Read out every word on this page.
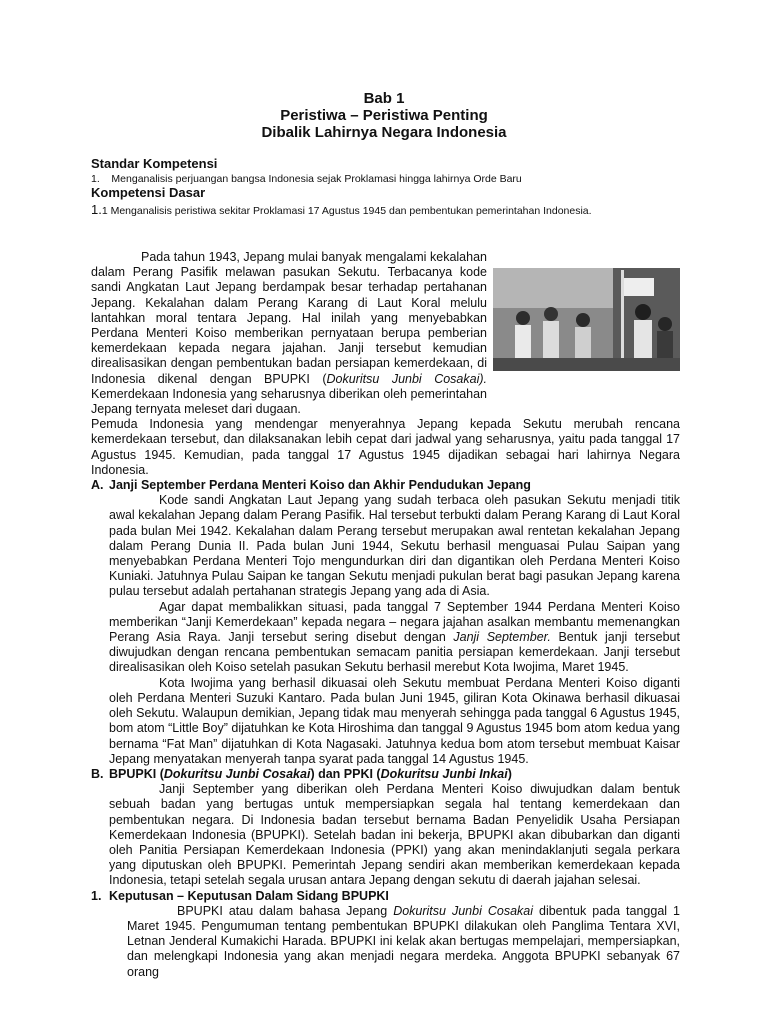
Bab 1
Peristiwa – Peristiwa Penting
Dibalik Lahirnya Negara Indonesia
Standar Kompetensi
1.    Menganalisis perjuangan bangsa Indonesia sejak Proklamasi hingga lahirnya Orde Baru
Kompetensi Dasar
1.1 Menganalisis peristiwa sekitar Proklamasi 17 Agustus 1945 dan pembentukan pemerintahan Indonesia.

Pada tahun 1943, Jepang mulai banyak mengalami kekalahan dalam Perang Pasifik melawan pasukan Sekutu. Terbacanya kode sandi Angkatan Laut Jepang berdampak besar terhadap pertahanan Jepang. Kekalahan dalam Perang Karang di Laut Koral melulu lantahkan moral tentara Jepang. Hal inilah yang menyebabkan Perdana Menteri Koiso memberikan pernyataan berupa pemberian kemerdekaan kepada negara jajahan. Janji tersebut kemudian direalisasikan dengan pembentukan badan persiapan kemerdekaan, di Indonesia dikenal dengan BPUPKI (Dokuritsu Junbi Cosakai). Kemerdekaan Indonesia yang seharusnya diberikan oleh pemerintahan Jepang ternyata meleset dari dugaan.

Pemuda Indonesia yang mendengar menyerahnya Jepang kepada Sekutu merubah rencana kemerdekaan tersebut, dan dilaksanakan lebih cepat dari jadwal yang seharusnya, yaitu pada tanggal 17 Agustus 1945. Kemudian, pada tanggal 17 Agustus 1945 dijadikan sebagai hari lahirnya Negara Indonesia.

A. Janji September Perdana Menteri Koiso dan Akhir Pendudukan Jepang

Kode sandi Angkatan Laut Jepang yang sudah terbaca oleh pasukan Sekutu menjadi titik awal kekalahan Jepang dalam Perang Pasifik. Hal tersebut terbukti dalam Perang Karang di Laut Koral pada bulan Mei 1942. Kekalahan dalam Perang tersebut merupakan awal rentetan kekalahan Jepang dalam Perang Dunia II. Pada bulan Juni 1944, Sekutu berhasil menguasai Pulau Saipan yang menyebabkan Perdana Menteri Tojo mengundurkan diri dan digantikan oleh Perdana Menteri Koiso Kuniaki. Jatuhnya Pulau Saipan ke tangan Sekutu menjadi pukulan berat bagi pasukan Jepang karena pulau tersebut adalah pertahanan strategis Jepang yang ada di Asia.

Agar dapat membalikkan situasi, pada tanggal 7 September 1944 Perdana Menteri Koiso memberikan “Janji Kemerdekaan” kepada negara – negara jajahan asalkan membantu memenangkan Perang Asia Raya. Janji tersebut sering disebut dengan Janji September. Bentuk janji tersebut diwujudkan dengan rencana pembentukan semacam panitia persiapan kemerdekaan. Janji tersebut direalisasikan oleh Koiso setelah pasukan Sekutu berhasil merebut Kota Iwojima, Maret 1945.

Kota Iwojima yang berhasil dikuasai oleh Sekutu membuat Perdana Menteri Koiso diganti oleh Perdana Menteri Suzuki Kantaro. Pada bulan Juni 1945, giliran Kota Okinawa berhasil dikuasai oleh Sekutu. Walaupun demikian, Jepang tidak mau menyerah sehingga pada tanggal 6 Agustus 1945, bom atom “Little Boy” dijatuhkan ke Kota Hiroshima dan tanggal 9 Agustus 1945 bom atom kedua yang bernama “Fat Man” dijatuhkan di Kota Nagasaki. Jatuhnya kedua bom atom tersebut membuat Kaisar Jepang menyatakan menyerah tanpa syarat pada tanggal 14 Agustus 1945.

B. BPUPKI (Dokuritsu Junbi Cosakai) dan PPKI (Dokuritsu Junbi Inkai)

Janji September yang diberikan oleh Perdana Menteri Koiso diwujudkan dalam bentuk sebuah badan yang bertugas untuk mempersiapkan segala hal tentang kemerdekaan dan pembentukan negara. Di Indonesia badan tersebut bernama Badan Penyelidik Usaha Persiapan Kemerdekaan Indonesia (BPUPKI). Setelah badan ini bekerja, BPUPKI akan dibubarkan dan diganti oleh Panitia Persiapan Kemerdekaan Indonesia (PPKI) yang akan menindaklanjuti segala perkara yang diputuskan oleh BPUPKI. Pemerintah Jepang sendiri akan memberikan kemerdekaan kepada Indonesia, tetapi setelah segala urusan antara Jepang dengan sekutu di daerah jajahan selesai.

1. Keputusan – Keputusan Dalam Sidang BPUPKI

BPUPKI atau dalam bahasa Jepang Dokuritsu Junbi Cosakai dibentuk pada tanggal 1 Maret 1945. Pengumuman tentang pembentukan BPUPKI dilakukan oleh Panglima Tentara XVI, Letnan Jenderal Kumakichi Harada. BPUPKI ini kelak akan bertugas mempelajari, mempersiapkan, dan melengkapi Indonesia yang akan menjadi negara merdeka. Anggota BPUPKI sebanyak 67 orang
